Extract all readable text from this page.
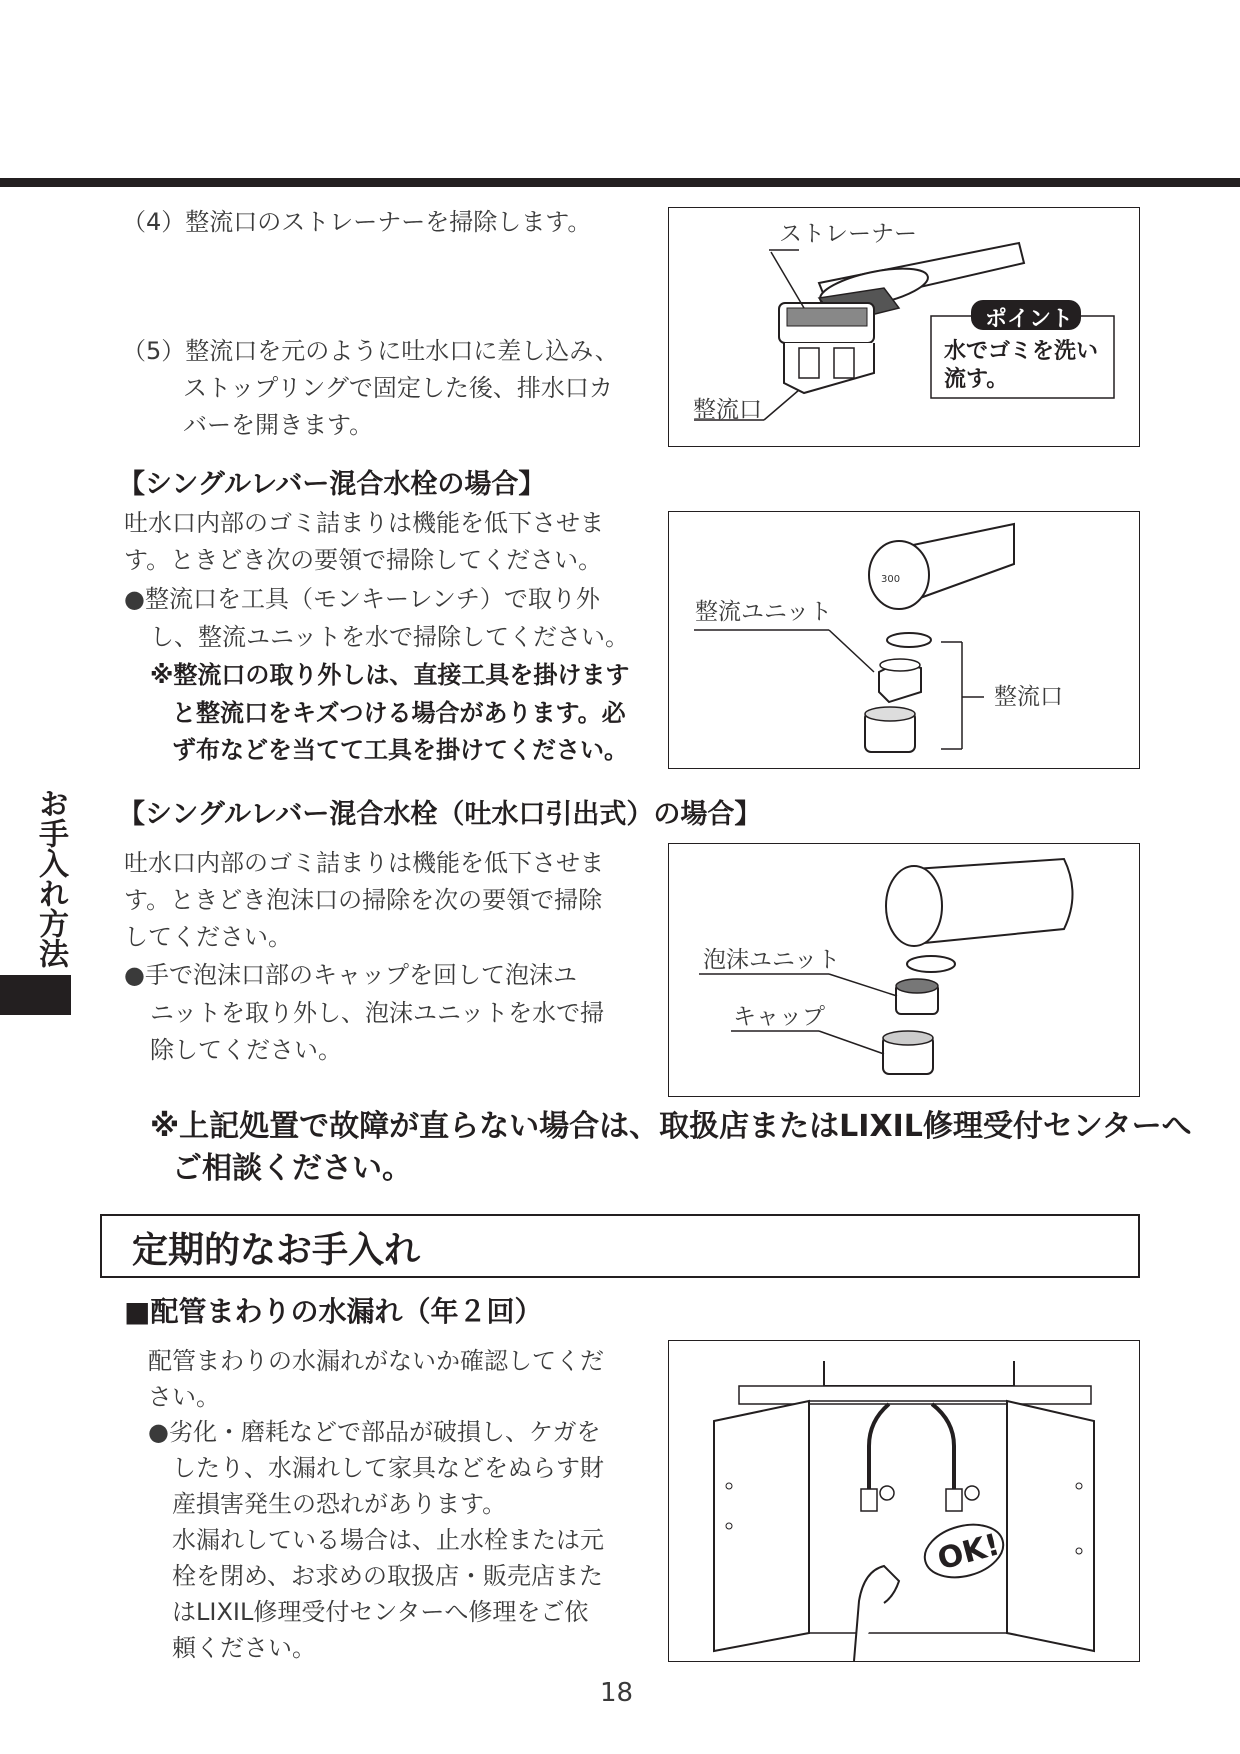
お手入れ方法
（4）整流口のストレーナーを掃除します。
（5）整流口を元のように吐水口に差し込み、
ストップリングで固定した後、排水口カ
バーを開きます。
ストレーナー
整流口
ポイント
水でゴミを洗い
流す。
【シングルレバー混合水栓の場合】
吐水口内部のゴミ詰まりは機能を低下させま
す。ときどき次の要領で掃除してください。
●整流口を工具（モンキーレンチ）で取り外
し、整流ユニットを水で掃除してください。
※整流口の取り外しは、直接工具を掛けます
と整流口をキズつける場合があります。必
ず布などを当てて工具を掛けてください。
300
整流ユニット
整流口
【シングルレバー混合水栓（吐水口引出式）の場合】
吐水口内部のゴミ詰まりは機能を低下させま
す。ときどき泡沫口の掃除を次の要領で掃除
してください。
●手で泡沫口部のキャップを回して泡沫ユ
ニットを取り外し、泡沫ユニットを水で掃
除してください。
泡沫ユニット
キャップ
※上記処置で故障が直らない場合は、取扱店またはLIXIL修理受付センターへ
ご相談ください。
定期的なお手入れ
■配管まわりの水漏れ（年２回）
配管まわりの水漏れがないか確認してくだ
さい。
●劣化・磨耗などで部品が破損し、ケガを
したり、水漏れして家具などをぬらす財
産損害発生の恐れがあります。
水漏れしている場合は、止水栓または元
栓を閉め、お求めの取扱店・販売店また
はLIXIL修理受付センターへ修理をご依
頼ください。
OK!
18
